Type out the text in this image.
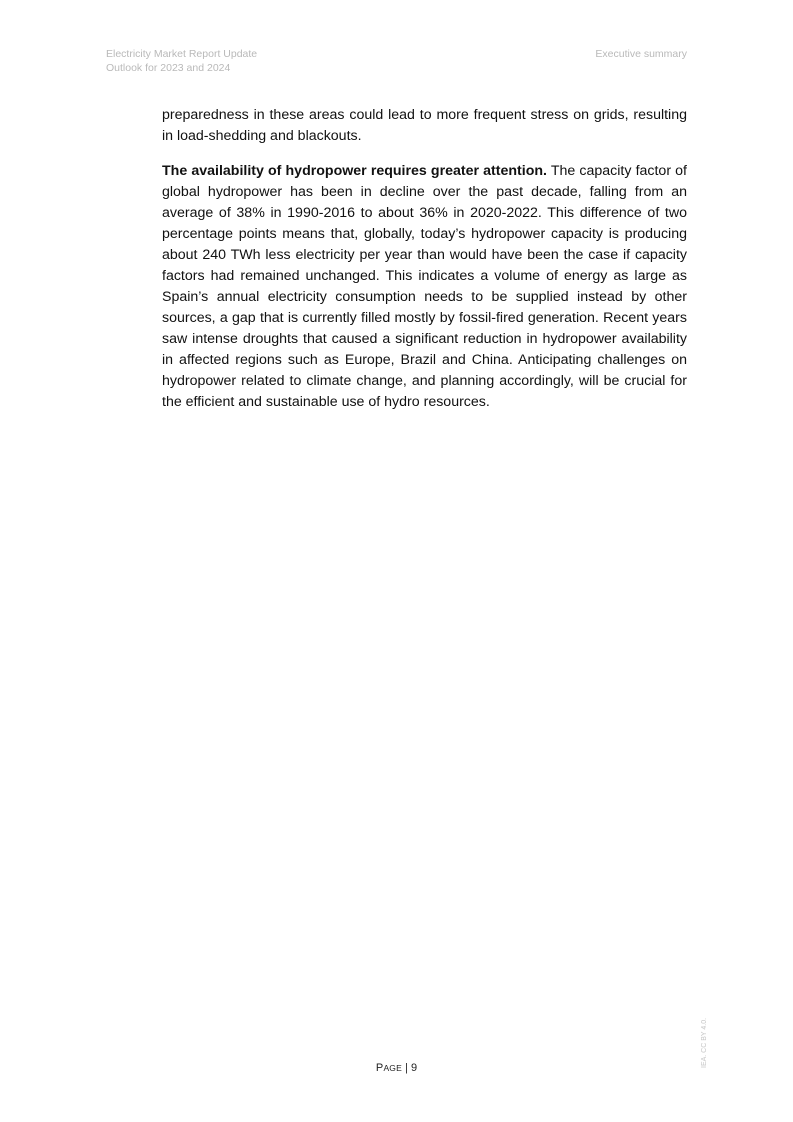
Electricity Market Report Update
Outlook for 2023 and 2024
Executive summary

preparedness in these areas could lead to more frequent stress on grids, resulting in load-shedding and blackouts.

The availability of hydropower requires greater attention. The capacity factor of global hydropower has been in decline over the past decade, falling from an average of 38% in 1990-2016 to about 36% in 2020-2022. This difference of two percentage points means that, globally, today’s hydropower capacity is producing about 240 TWh less electricity per year than would have been the case if capacity factors had remained unchanged. This indicates a volume of energy as large as Spain’s annual electricity consumption needs to be supplied instead by other sources, a gap that is currently filled mostly by fossil-fired generation. Recent years saw intense droughts that caused a significant reduction in hydropower availability in affected regions such as Europe, Brazil and China. Anticipating challenges on hydropower related to climate change, and planning accordingly, will be crucial for the efficient and sustainable use of hydro resources.

PAGE | 9	IEA. CC BY 4.0.
